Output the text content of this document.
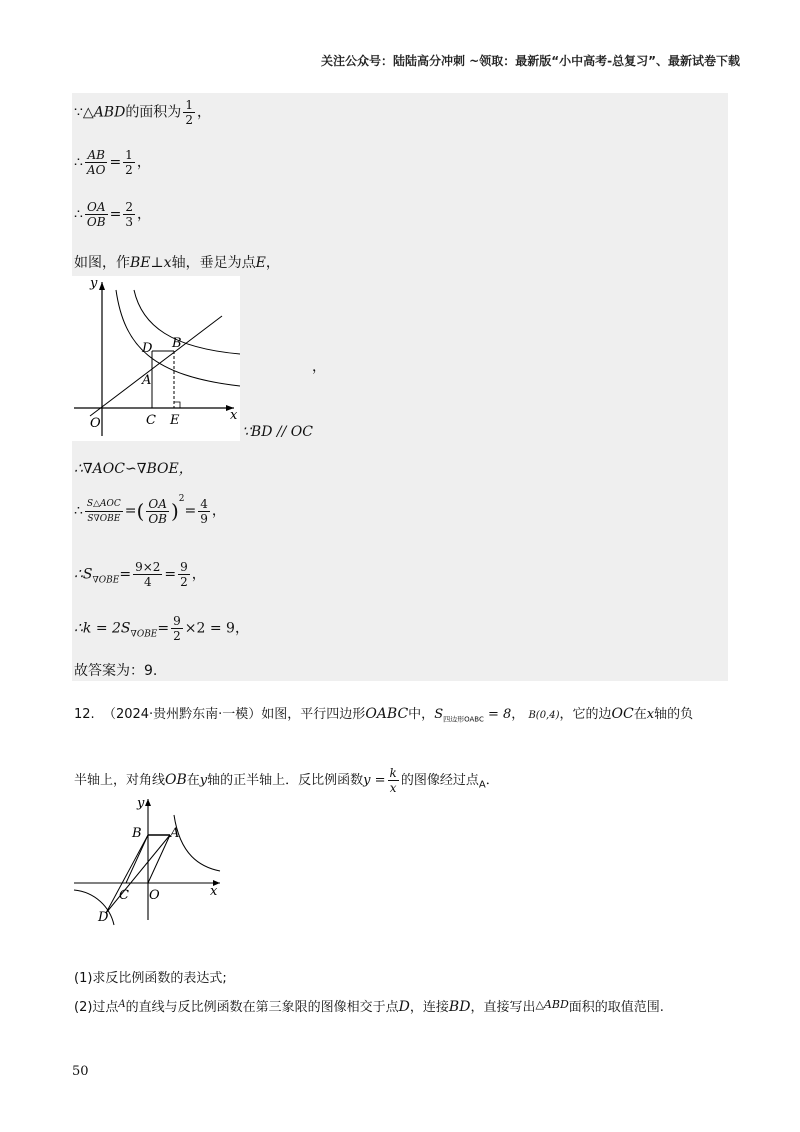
关注公众号：陆陆高分冲刺 ~领取：最新版“小中高考-总复习”、最新试卷下载
∵△ABD的面积为 $\frac{1}{2}$ ，
∴ $\frac{AB}{AO} = \frac{1}{2}$ ，
∴ $\frac{OA}{OB} = \frac{2}{3}$ ，
如图，作BE⊥x轴，垂足为点E，
y
x
O	C E
A
B
D
，
∵BD // OC
∴∇AOC∽∇BOE，
∴ $\frac{\text{S△AOC}}{\text{S∇OBE}}$ =( $\frac{OA}{OB} )^2= \frac{4}{9}$ ，
$\therefore S_{\nabla OBE}= \frac{9\times 2}{4} = \frac{9}{2}$ ，
∴k = $2S_{\nabla OBE}= \frac{9}{2} \times 2 = 9$，
故答案为：9.
12. （2024·贵州黔东南·一模）如图，平行四边形OABC中，$S_{四边形OABC} = 8$， B(0,4)，它的边OC在x轴的负
半轴上，对角线OB在y轴的正半轴上．反比例函数$y = \frac{k}{x}$ 的图像经过点$_A$．
B A
y
x
C O
D
(1)求反比例函数的表达式;
(2)过点$^A$的直线与反比例函数在第三象限的图像相交于点D，连接BD，直接写出$^{\triangle ABD}$面积的取值范围.
50
